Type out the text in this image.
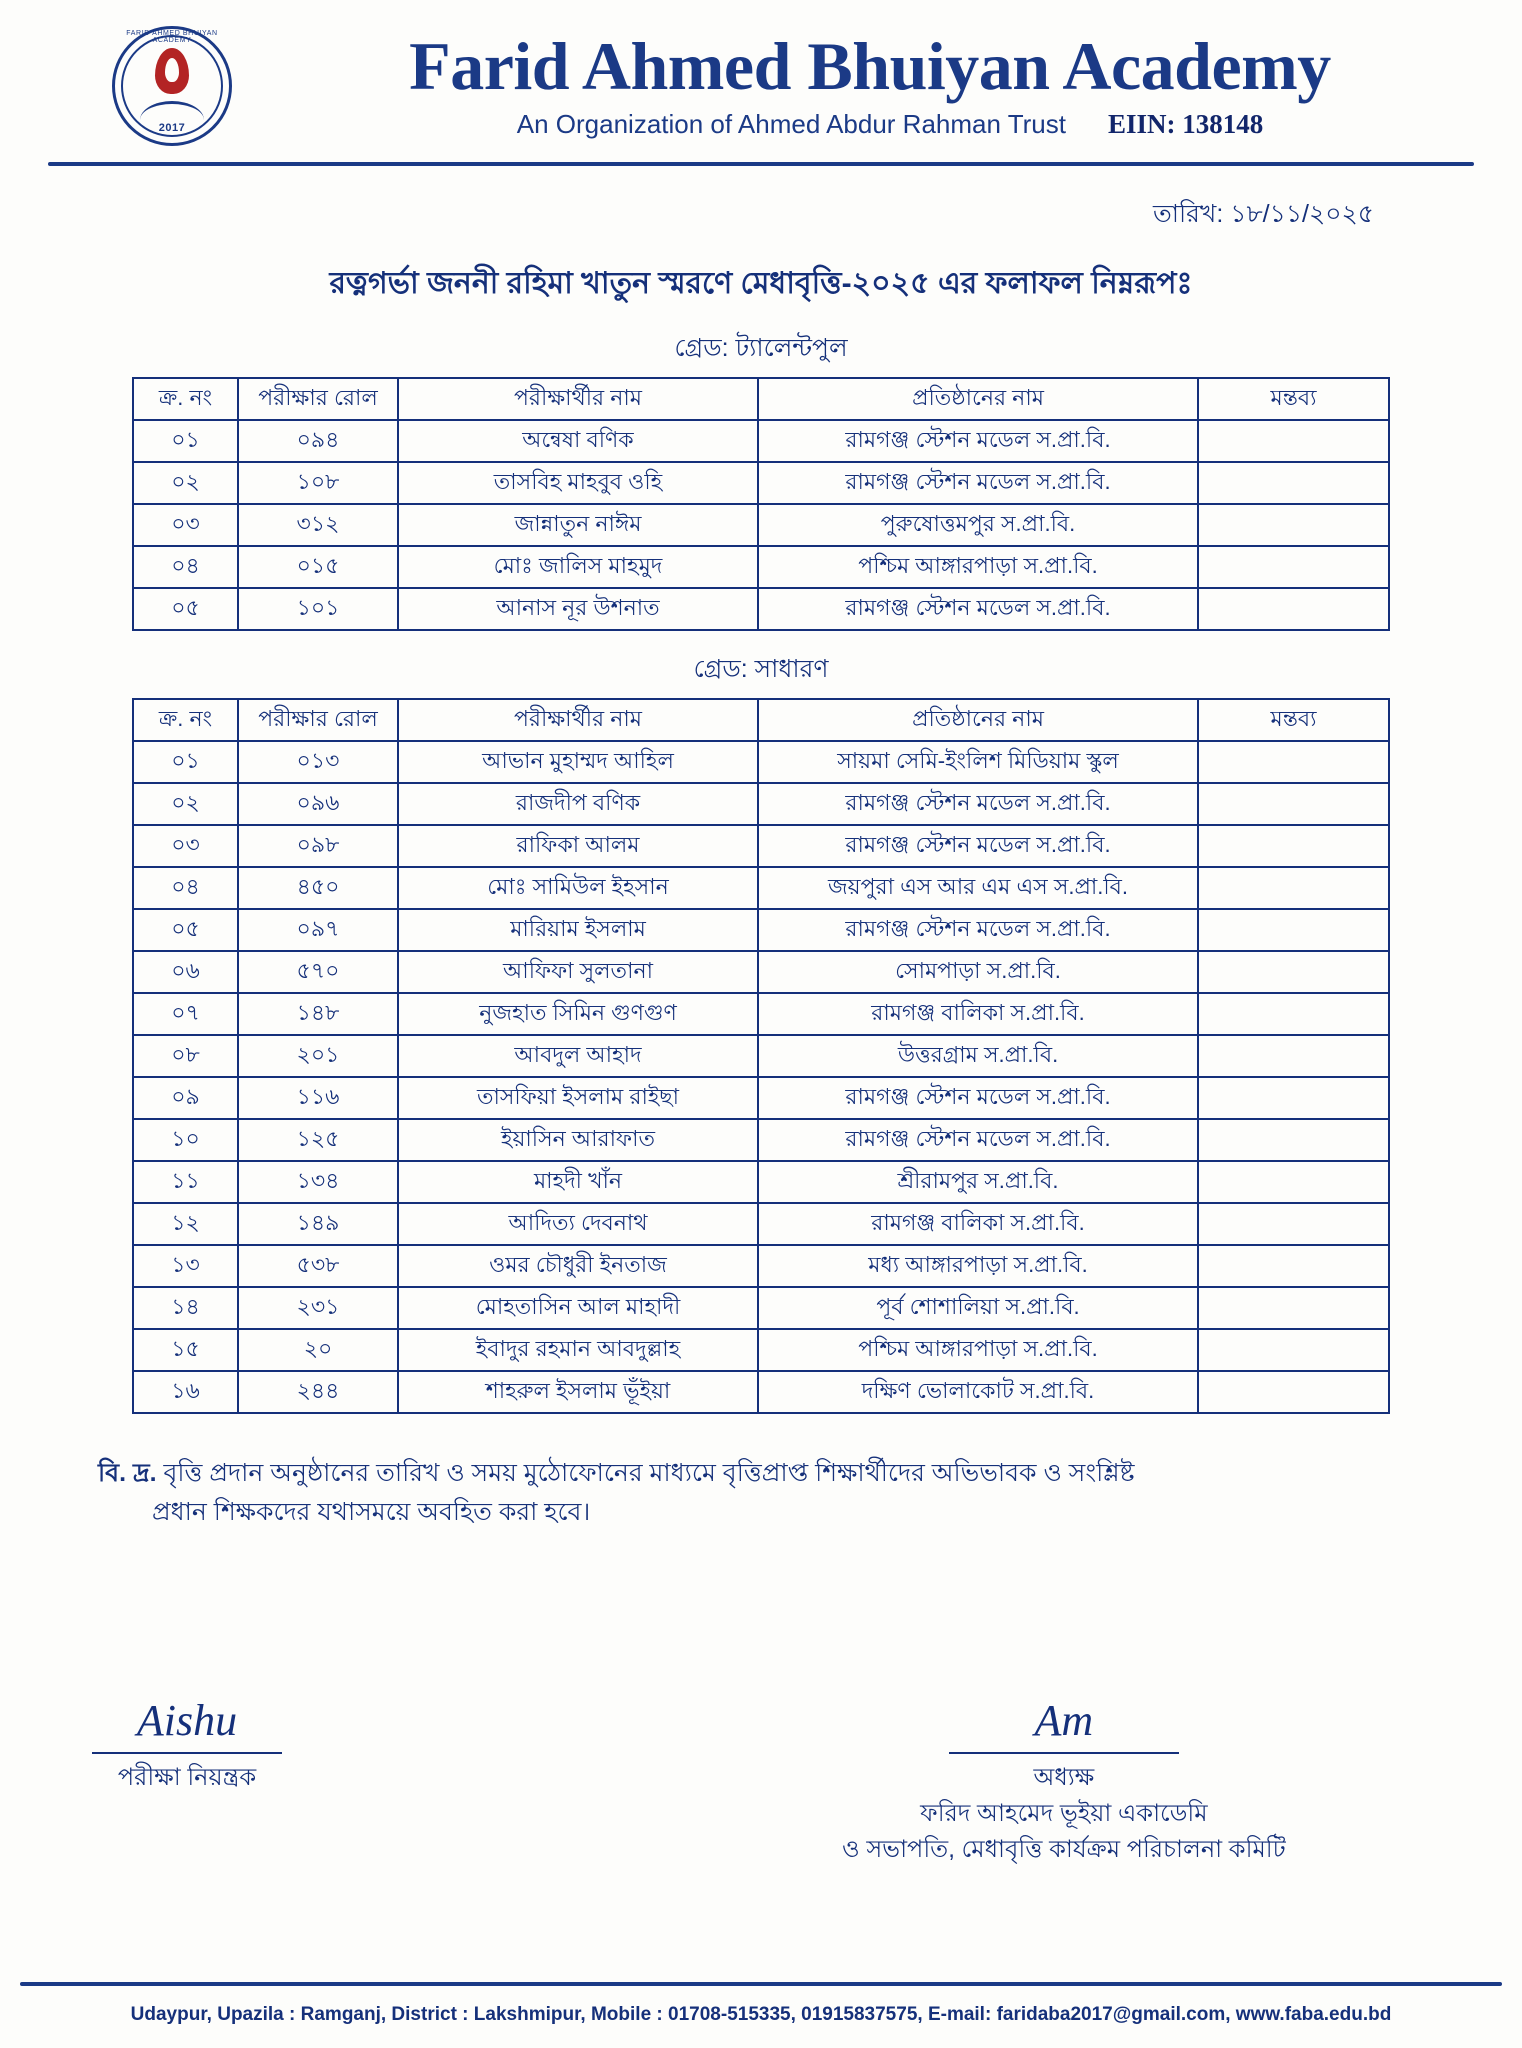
FARID AHMED BHUIYAN ACADEMY
2017
Farid Ahmed Bhuiyan Academy
An Organization of Ahmed Abdur Rahman Trust EIIN: 138148
তারিখ: ১৮/১১/২০২৫
রত্নগর্ভা জননী রহিমা খাতুন স্মরণে মেধাবৃত্তি-২০২৫ এর ফলাফল নিম্নরূপঃ
গ্রেড: ট্যালেন্টপুল
ক্র. নং	পরীক্ষার রোল	পরীক্ষার্থীর নাম	প্রতিষ্ঠানের নাম	মন্তব্য
০১	০৯৪	অন্বেষা বণিক	রামগঞ্জ স্টেশন মডেল স.প্রা.বি.	
০২	১০৮	তাসবিহ মাহবুব ওহি	রামগঞ্জ স্টেশন মডেল স.প্রা.বি.	
০৩	৩১২	জান্নাতুন নাঈম	পুরুষোত্তমপুর স.প্রা.বি.	
০৪	০১৫	মোঃ জালিস মাহমুদ	পশ্চিম আঙ্গারপাড়া স.প্রা.বি.	
০৫	১০১	আনাস নূর উশনাত	রামগঞ্জ স্টেশন মডেল স.প্রা.বি.	
গ্রেড: সাধারণ
ক্র. নং	পরীক্ষার রোল	পরীক্ষার্থীর নাম	প্রতিষ্ঠানের নাম	মন্তব্য
০১	০১৩	আভান মুহাম্মদ আহিল	সায়মা সেমি-ইংলিশ মিডিয়াম স্কুল	
০২	০৯৬	রাজদীপ বণিক	রামগঞ্জ স্টেশন মডেল স.প্রা.বি.	
০৩	০৯৮	রাফিকা আলম	রামগঞ্জ স্টেশন মডেল স.প্রা.বি.	
০৪	৪৫০	মোঃ সামিউল ইহসান	জয়পুরা এস আর এম এস স.প্রা.বি.	
০৫	০৯৭	মারিয়াম ইসলাম	রামগঞ্জ স্টেশন মডেল স.প্রা.বি.	
০৬	৫৭০	আফিফা সুলতানা	সোমপাড়া স.প্রা.বি.	
০৭	১৪৮	নুজহাত সিমিন গুণগুণ	রামগঞ্জ বালিকা স.প্রা.বি.	
০৮	২০১	আবদুল আহাদ	উত্তরগ্রাম স.প্রা.বি.	
০৯	১১৬	তাসফিয়া ইসলাম রাইছা	রামগঞ্জ স্টেশন মডেল স.প্রা.বি.	
১০	১২৫	ইয়াসিন আরাফাত	রামগঞ্জ স্টেশন মডেল স.প্রা.বি.	
১১	১৩৪	মাহদী খাঁন	শ্রীরামপুর স.প্রা.বি.	
১২	১৪৯	আদিত্য দেবনাথ	রামগঞ্জ বালিকা স.প্রা.বি.	
১৩	৫৩৮	ওমর চৌধুরী ইনতাজ	মধ্য আঙ্গারপাড়া স.প্রা.বি.	
১৪	২৩১	মোহতাসিন আল মাহাদী	পূর্ব শোশালিয়া স.প্রা.বি.	
১৫	২০	ইবাদুর রহমান আবদুল্লাহ	পশ্চিম আঙ্গারপাড়া স.প্রা.বি.	
১৬	২৪৪	শাহরুল ইসলাম ভূঁইয়া	দক্ষিণ ভোলাকোট স.প্রা.বি.	
বি. দ্র. বৃত্তি প্রদান অনুষ্ঠানের তারিখ ও সময় মুঠোফোনের মাধ্যমে বৃত্তিপ্রাপ্ত শিক্ষার্থীদের অভিভাবক ও সংশ্লিষ্ট
প্রধান শিক্ষকদের যথাসময়ে অবহিত করা হবে।
Aishu
পরীক্ষা নিয়ন্ত্রক
Am
অধ্যক্ষ
ফরিদ আহমেদ ভূইয়া একাডেমি
ও সভাপতি, মেধাবৃত্তি কার্যক্রম পরিচালনা কমিটি
Udaypur, Upazila : Ramganj, District : Lakshmipur, Mobile : 01708-515335, 01915837575, E-mail: faridaba2017@gmail.com, www.faba.edu.bd
